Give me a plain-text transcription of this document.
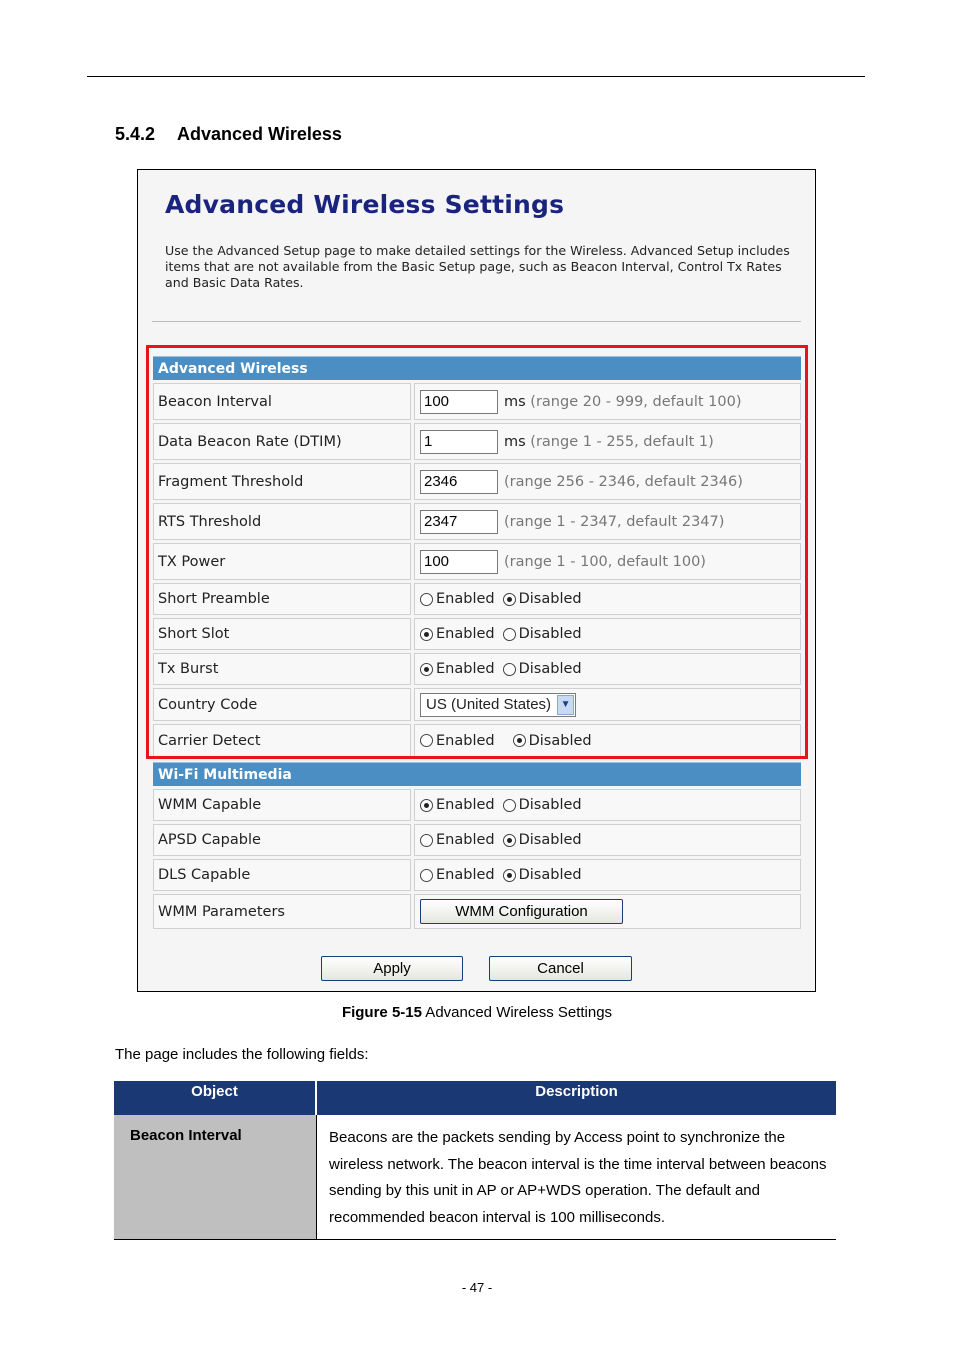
5.4.2 Advanced Wireless
Advanced Wireless Settings
Use the Advanced Setup page to make detailed settings for the Wireless. Advanced Setup includes items that are not available from the Basic Setup page, such as Beacon Interval, Control Tx Rates and Basic Data Rates.
Advanced Wireless
Beacon Interval	100	ms (range 20 - 999, default 100)
Data Beacon Rate (DTIM)	1	ms (range 1 - 255, default 1)
Fragment Threshold	2346	(range 256 - 2346, default 2346)
RTS Threshold	2347	(range 1 - 2347, default 2347)
TX Power	100	(range 1 - 100, default 100)
Short Preamble	Enabled Disabled
Short Slot	Enabled Disabled
Tx Burst	Enabled Disabled
Country Code	US (United States) ▼
Carrier Detect	Enabled Disabled
Wi-Fi Multimedia
WMM Capable	Enabled Disabled
APSD Capable	Enabled Disabled
DLS Capable	Enabled Disabled
WMM Parameters	WMM Configuration
Apply	Cancel
Figure 5-15 Advanced Wireless Settings
The page includes the following fields:
Object	Description
Beacon Interval	Beacons are the packets sending by Access point to synchronize the wireless network. The beacon interval is the time interval between beacons sending by this unit in AP or AP+WDS operation. The default and recommended beacon interval is 100 milliseconds.
- 47 -
